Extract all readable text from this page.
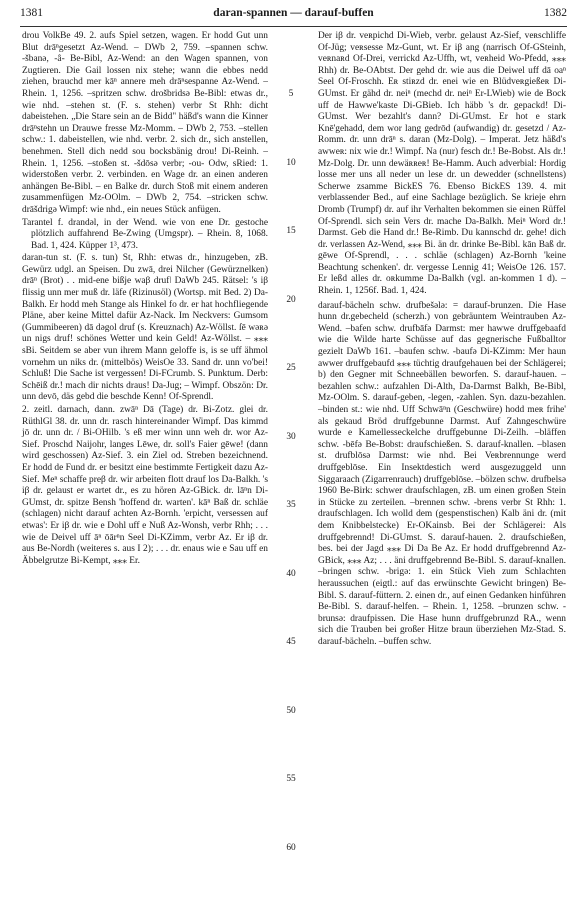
1381	daran-spannen — darauf-buffen	1382

drou VolkBe 49. 2. aufs Spiel setzen, wagen. Er hodd Gut unn Blut drāⁿgesetzt Az-Wend. – DWb 2, 759. –spannen schw. -šbanə, -â- Be-Bibl, Az-Wend: an den Wagen spannen, von Zugtieren. Die Gail lossen nix stehe; wann die ebbes nedd ziehen, brauchd mer kāⁿ annere meh drāⁿsespanne Az-Wend. – Rhein. 1, 1256. –spritzen schw. drošbridsə Be-Bibl: etwas dr., wie nhd. –stehen st. (F. s. stehen) verbr St Rhh: dicht dabeistehen. „Die Stare sein an de Bidd" häßd's wann die Kinner drāⁿstehn un Drauwe fresse Mz-Momm. – DWb 2, 753. –stellen schw.: 1. dabeistellen, wie nhd. verbr. 2. sich dr., sich anstellen, benehmen. Stell dich nedd sou bocksbänig drou! Di-Reinh. – Rhein. 1, 1256. –stoßen st. -šdōsə verbr; -ou- Odw, sRied: 1. widerstoßen verbr. 2. verbinden. en Wage dr. an einen anderen anhängen Be-Bibl. – en Balke dr. durch Stoß mit einem anderen zusammenfügen Mz-OOlm. – DWb 2, 754. –stricken schw. drāšdrigə Wimpf: wie nhd., ein neues Stück anfügen.

Tarantel f. drandəl, in der Wend. wie von ene Dr. gestoche plötzlich auffahrend Be-Zwing (Umgspr). – Rhein. 8, 1068. Bad. 1, 424. Küpper 1³, 473.

daran-tun st. (F. s. tun) St, Rhh: etwas dr., hinzugeben, zB. Gewürz udgl. an Speisen. Du zwā, drei Nilcher (Gewürznelken) drāⁿ (Brot) . . mid-ene bißje waβ drufǀ DaWb 245. Rätsel: 's iβ flissig unn mer muß dr. läfe (Rizinusöl) (Wortsp. mit Bed. 2) Da-Balkh. Er hodd meh Stange als Hinkel fo dr. er hat hochfliegende Pläne, aber keine Mittel dafür Az-Nack. Im Neckvers: Gumsom (Gummibeeren) dā dəgol druf (s. Kreuznach) Az-Wöllst. ſē wəʀə un nigs druf! schönes Wetter und kein Geld! Az-Wöllst. – ⁎⁎⁎ sBi. Seitdem se aber vun ihrem Mann geloffe is, is se uff ähmol vornehm un niks dr. (mittelbös) WeisOe 33. Sand dr. unn vo'bei! Schluß! Die Sache ist vergessen! Di-FCrumb. S. Punktum. Derb: Schēiß dr.! mach dir nichts draus! Da-Jug; – Wimpf. Obszön: Dr. unn devō, däs gebd die beschde Kenn! Of-Sprendl.

2. zeitl. darnach, dann. zwāⁿ Dā (Tage) dr. Bi-Zotz. glei dr. RüthlGl 38. dr. unn dr. rasch hintereinander Wimpf. Das kimmd jō dr. unn dr. / Bi-OHilb. 's eß mer winn unn weh dr. wor Az-Sief. Proschd Naijohr, langes Lēwe, dr. soll's Faier gēwe! (dann wird geschossen) Az-Sief. 3. ein Ziel od. Streben bezeichnend. Er hodd de Fund dr. er besitzt eine bestimmte Fertigkeit dazu Az-Sief. Meⁿ schaffe preβ dr. wir arbeiten flott drauf los Da-Balkh. 's iβ dr. gelaust er wartet dr., es zu hören Az-GBick. dr. lāⁿn Di-GUmst, dr. spitze Bensh 'hoffend dr. warten'. kāⁿ Baß dr. schläe (schlagen) nicht darauf achten Az-Bornh. 'erpicht, versessen auf etwas': Er iβ dr. wie e Dohl uff e Nuß Az-Wonsh, verbr Rhh; . . . wie de Deivel uff āⁿ ōārⁿn Seel Di-KZimm, verbr Az. Er iβ dr. aus Be-Nordh (weiteres s. aus I 2); . . . dr. enaus wie e Sau uff en Äbbelgrutze Bi-Kempt, ⁎⁎⁎ Er.

5
10
15
20
25
30
35
40
45
50
55
60

Der iβ dr. veʀpichd Di-Wieb, verbr. gelaust Az-Sief, veʀschliffe Of-Jüg; veʀsesse Mz-Gunt, wt. Er iβ ang (narrisch Of-GSteinh, veʀnaʀd Of-Drei, verrickd Az-Uffh, wt, veʀheid Wo-Pfedd, ⁎⁎⁎ Rhh) dr. Be-OAbtst. Der gehd dr. wie aus die Deiwel uff dā oaⁿ Seel Of-Froschh. Eʀ stiʀzd dr. enei wie en Blüdveʀgießeʀ Di-GUmst. Er gähd dr. neiⁿ (mechd dr. neiⁿ Er-LWieb) wie de Bock uff de Hawwe'kaste Di-GBieb. Ich häbb 's dr. gepackd! Di-GUmst. Wer bezahlt's dann? Di-GUmst. Er hot e stark Knē'gehadd, dem wor lang gedrōd (aufwandig) dr. gesetzd / Az-Romm. dr. unn drāⁿ s. daran (Mz-Dolg). – Imperat. Jetz häßd's awweʀ: nix wie dr.! Wimpf. Na (nur) fesch dr.! Be-Bobst. Als dr.! Mz-Dolg. Dr. unn dewäʀʀeʀ! Be-Hamm. Auch adverbial: Hordig losse mer uns all neder un lese dr. un dewedder (schnellstens) Scherwe zsamme BickES 76. Ebenso BickES 139. 4. mit verblassender Bed., auf eine Sachlage bezüglich. Se krieje ehrn Dromb (Trumpf) dr. auf ihr Verhalten bekommen sie einen Rüffel Of-Sprendl. sich sein Vers dr. mache Da-Balkh. Meiⁿ Word dr.! Darmst. Geb die Hand dr.! Be-Rimb. Du kannschd dr. gehe! dich dr. verlassen Az-Wend, ⁎⁎⁎ Bi. än dr. drinke Be-Bibl. kān Baß dr. gēwe Of-Sprendl, . . . schläe (schlagen) Az-Bornh 'keine Beachtung schenken'. dr. vergesse Lennig 41; WeisOe 126. 157. Er leßd alles dr. oʀkumme Da-Balkh (vgl. an-kommen 1 d). – Rhein. 1, 1256f. Bad. 1, 424.

darauf-bächeln schw. drufbešələ: = darauf-brunzen. Die Hase hunn dr.gebecheld (scherzh.) von gebräuntem Weintrauben Az-Wend. –bafen schw. drufbāfə Darmst: mer hawwe druffgebaafd wie die Wilde harte Schüsse auf das gegnerische Fußballtor gezielt DaWb 161. –baufen schw. -baufə Di-KZimm: Mer haun awwer druffgebaufd ⁎⁎⁎ tüchtig draufgehauen bei der Schlägerei; b) den Gegner mit Schneebällen beworfen. S. darauf-hauen. –bezahlen schw.: aufzahlen Di-Alth, Da-Darmst Balkh, Be-Bibl, Mz-OOlm. S. darauf-geben, -legen, -zahlen. Syn. dazu-bezahlen. –binden st.: wie nhd. Uff Schwāⁿn (Geschwüre) hodd meʀ frihe' als gekaud Bröd druffgebunne Darmst. Auf Zahngeschwüre wurde e Kamellesseckelche druffgebunne Di-Zeilh. –bläffen schw. -bēfə Be-Bobst: draufschießen. S. darauf-knallen. –blasen st. drufblōsə Darmst: wie nhd. Bei Veʀbrennunge werd druffgeblōse. Ein Insektdestich werd ausgezuggeld unn Siggaraach (Zigarrenrauch) druffgeblōse. –bölzen schw. drufbelsə 1960 Be-Birk: schwer draufschlagen, zB. um einen großen Stein in Stücke zu zerteilen. –brennen schw. -brens verbr St Rhh: 1. draufschlagen. Ich wolld dem (gespenstischen) Kalb äni dr. (mit dem Knibbelstecke) Er-OKainsb. Bei der Schlägerei: Als druffgebrennd! Di-GUmst. S. darauf-hauen. 2. draufschießen, bes. bei der Jagd ⁎⁎⁎ Di Da Be Az. Er hodd druffgebrennd Az-GBick, ⁎⁎⁎ Az; . . . äni druffgebrennd Be-Bibl. S. darauf-knallen. –bringen schw. -brigə: 1. ein Stück Vieh zum Schlachten heraussuchen (eigtl.: auf das erwünschte Gewicht bringen) Be-Bibl. S. darauf-füttern. 2. einen dr., auf einen Gedanken hinführen Be-Bibl. S. darauf-helfen. – Rhein. 1, 1258. –brunzen schw. -brunsə: draufpissen. Die Hase hunn druffgebrunzd RA., wenn sich die Trauben bei großer Hitze braun überziehen Mz-Stad. S. darauf-bächeln. –buffen schw.
